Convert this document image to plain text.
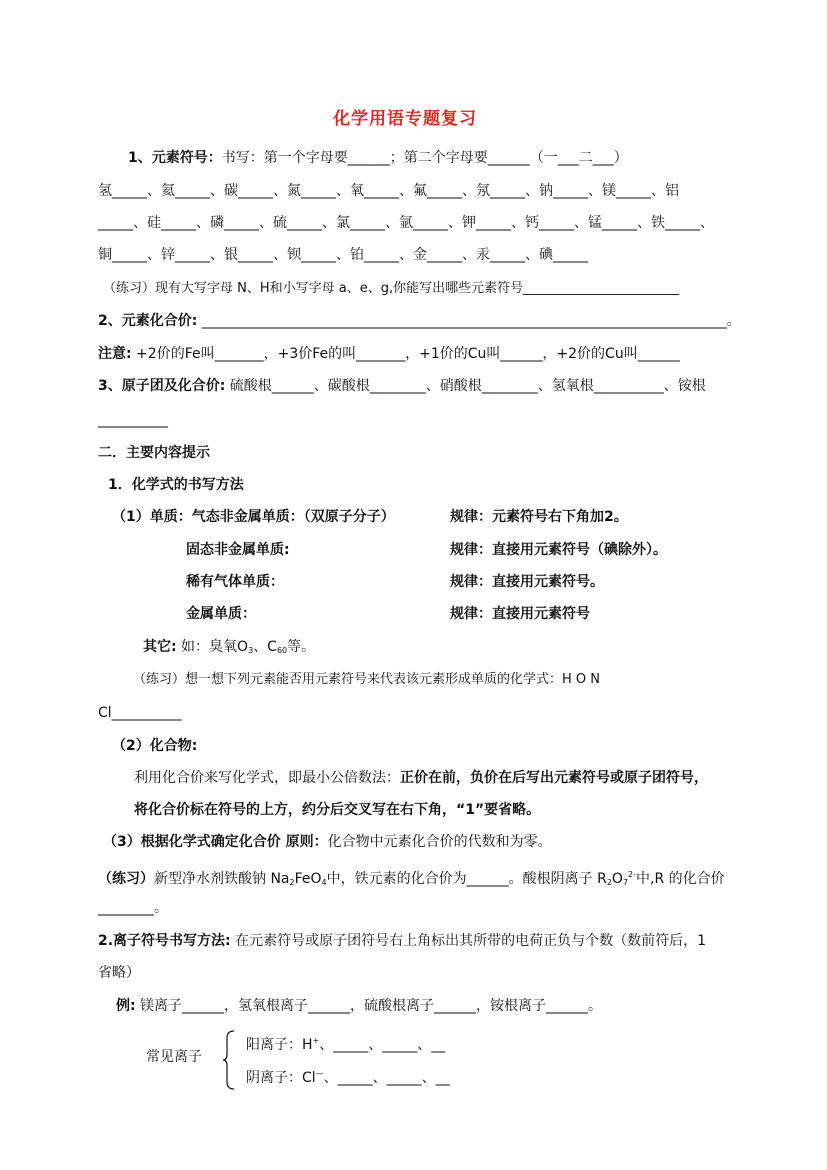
化学用语专题复习
1、元素符号：书写：第一个字母要______；第二个字母要______（一___二___）
氢_____、氦_____、碳_____、氮_____、氧_____、氟_____、氖_____、钠_____、镁_____、铝
_____、硅_____、磷_____、硫_____、氯_____、氩_____、钾_____、钙_____、锰_____、铁_____、
铜_____、锌_____、银_____、钡_____、铂_____、金_____、汞_____、碘_____
（练习）现有大写字母 N、H和小写字母 a、e、g,你能写出哪些元素符号________________________
2、元素化合价: ___________________________________________________________________________。
注意: +2价的Fe叫_______，+3价Fe的叫_______，+1价的Cu叫______，+2价的Cu叫______
3、原子团及化合价: 硫酸根______、碳酸根________、硝酸根________、氢氧根__________、铵根
__________
二．主要内容提示
1．化学式的书写方法
（1）单质：气态非金属单质：（双原子分子）	规律：元素符号右下角加2。
固态非金属单质:	规律：直接用元素符号（碘除外）。
稀有气体单质：	规律：直接用元素符号。
金属单质：	规律：直接用元素符号
其它: 如：臭氧$O_3$、$C_{60}$等。
（练习）想一想下列元素能否用元素符号来代表该元素形成单质的化学式：H O N
Cl__________
（2）化合物:
利用化合价来写化学式，即最小公倍数法：正价在前，负价在后写出元素符号或原子团符号，
将化合价标在符号的上方，约分后交叉写在右下角，“1”要省略。
（3）根据化学式确定化合价 原则：化合物中元素化合价的代数和为零。
（练习）新型净水剂铁酸钠 $Na_2FeO_4$中，铁元素的化合价为______。酸根阴离子 $R_2O_7^{2-}$中,R 的化合价
________。
2.离子符号书写方法: 在元素符号或原子团符号右上角标出其所带的电荷正负与个数（数前符后，1
省略）
例: 镁离子______，氢氧根离子______，硫酸根离子______，铵根离子______。
常见离子
阳离子：H+、_____、_____、__
阴离子：Cl—、_____、_____、__
